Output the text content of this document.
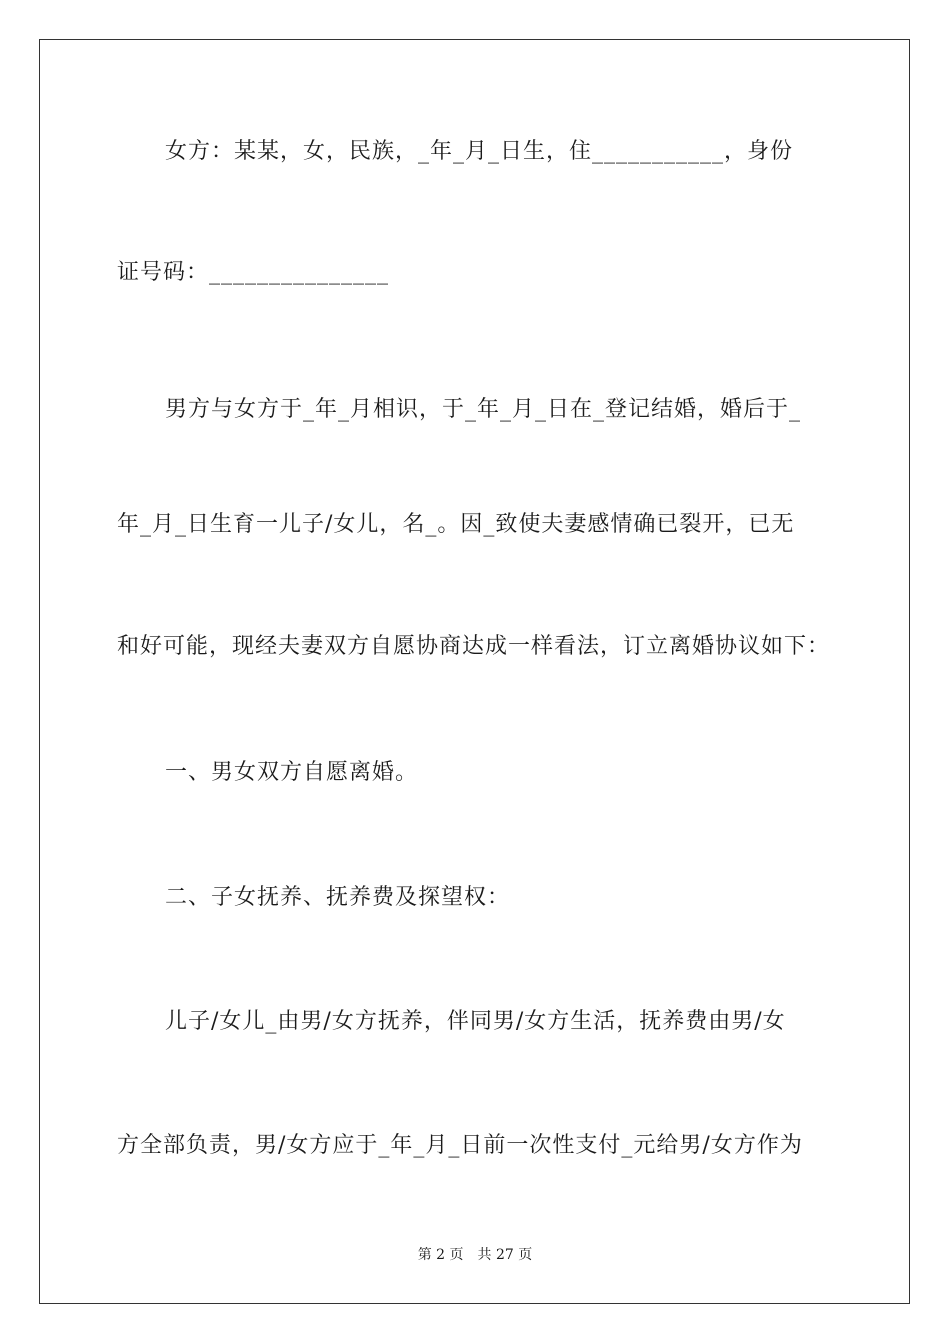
女方：某某，女，民族，_年_月_日生，住___________，身份
证号码：_______________
男方与女方于_年_月相识，于_年_月_日在_登记结婚，婚后于_
年_月_日生育一儿子/女儿，名_。因_致使夫妻感情确已裂开，已无
和好可能，现经夫妻双方自愿协商达成一样看法，订立离婚协议如下：
一、男女双方自愿离婚。
二、子女抚养、抚养费及探望权：
儿子/女儿_由男/女方抚养，伴同男/女方生活，抚养费由男/女
方全部负责，男/女方应于_年_月_日前一次性支付_元给男/女方作为
第 2 页　共 27 页
